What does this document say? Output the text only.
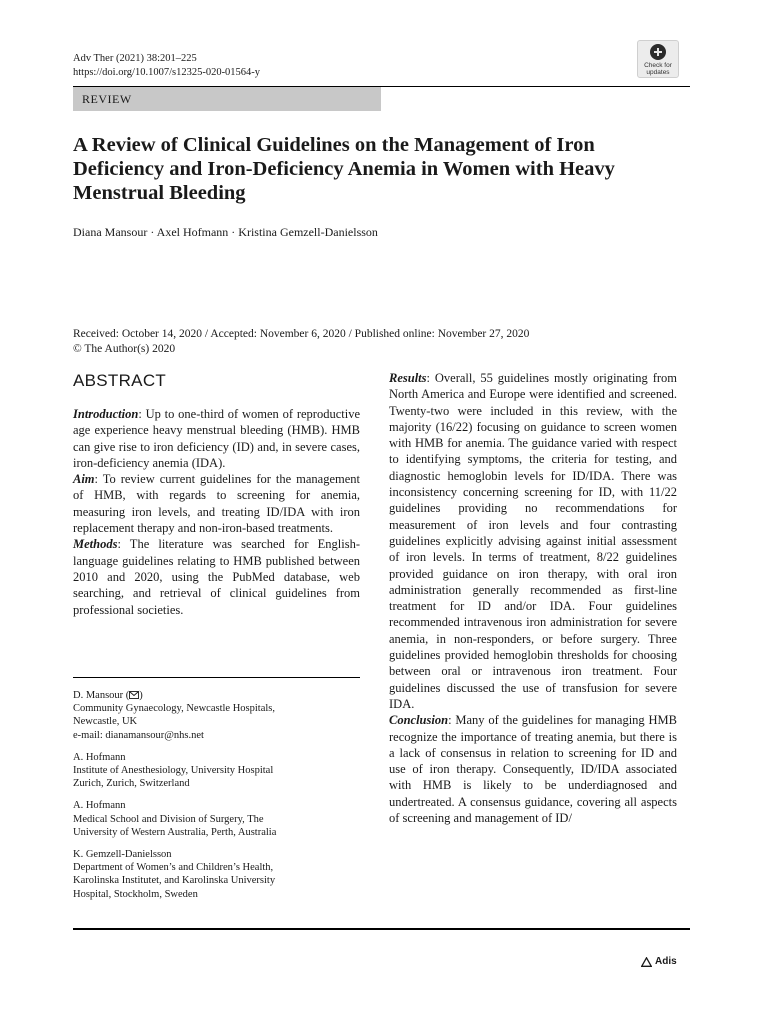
Adv Ther (2021) 38:201–225
https://doi.org/10.1007/s12325-020-01564-y
Check for
updates
REVIEW
A Review of Clinical Guidelines on the Management of Iron Deficiency and Iron-Deficiency Anemia in Women with Heavy Menstrual Bleeding
Diana Mansour · Axel Hofmann · Kristina Gemzell-Danielsson
Received: October 14, 2020 / Accepted: November 6, 2020 / Published online: November 27, 2020
© The Author(s) 2020
ABSTRACT

Introduction: Up to one-third of women of reproductive age experience heavy menstrual bleeding (HMB). HMB can give rise to iron deficiency (ID) and, in severe cases, iron-deficiency anemia (IDA).

Aim: To review current guidelines for the management of HMB, with regards to screening for anemia, measuring iron levels, and treating ID/IDA with iron replacement therapy and non-iron-based treatments.

Methods: The literature was searched for English-language guidelines relating to HMB published between 2010 and 2020, using the PubMed database, web searching, and retrieval of clinical guidelines from professional societies.

D. Mansour ( )
Community Gynaecology, Newcastle Hospitals,
Newcastle, UK
e-mail: dianamansour@nhs.net
A. Hofmann
Institute of Anesthesiology, University Hospital
Zurich, Zurich, Switzerland
A. Hofmann
Medical School and Division of Surgery, The
University of Western Australia, Perth, Australia
K. Gemzell-Danielsson
Department of Women’s and Children’s Health,
Karolinska Institutet, and Karolinska University
Hospital, Stockholm, Sweden

Results: Overall, 55 guidelines mostly originating from North America and Europe were identified and screened. Twenty-two were included in this review, with the majority (16/22) focusing on guidance to screen women with HMB for anemia. The guidance varied with respect to identifying symptoms, the criteria for testing, and diagnostic hemoglobin levels for ID/IDA. There was inconsistency concerning screening for ID, with 11/22 guidelines providing no recommendations for measurement of iron levels and four contrasting guidelines explicitly advising against initial assessment of iron levels. In terms of treatment, 8/22 guidelines provided guidance on iron therapy, with oral iron administration generally recommended as first-line treatment for ID and/or IDA. Four guidelines recommended intravenous iron administration for severe anemia, in non-responders, or before surgery. Three guidelines provided hemoglobin thresholds for choosing between oral or intravenous iron treatment. Four guidelines discussed the use of transfusion for severe IDA.

Conclusion: Many of the guidelines for managing HMB recognize the importance of treating anemia, but there is a lack of consensus in relation to screening for ID and use of iron therapy. Consequently, ID/IDA associated with HMB is likely to be underdiagnosed and undertreated. A consensus guidance, covering all aspects of screening and management of ID/

Adis
